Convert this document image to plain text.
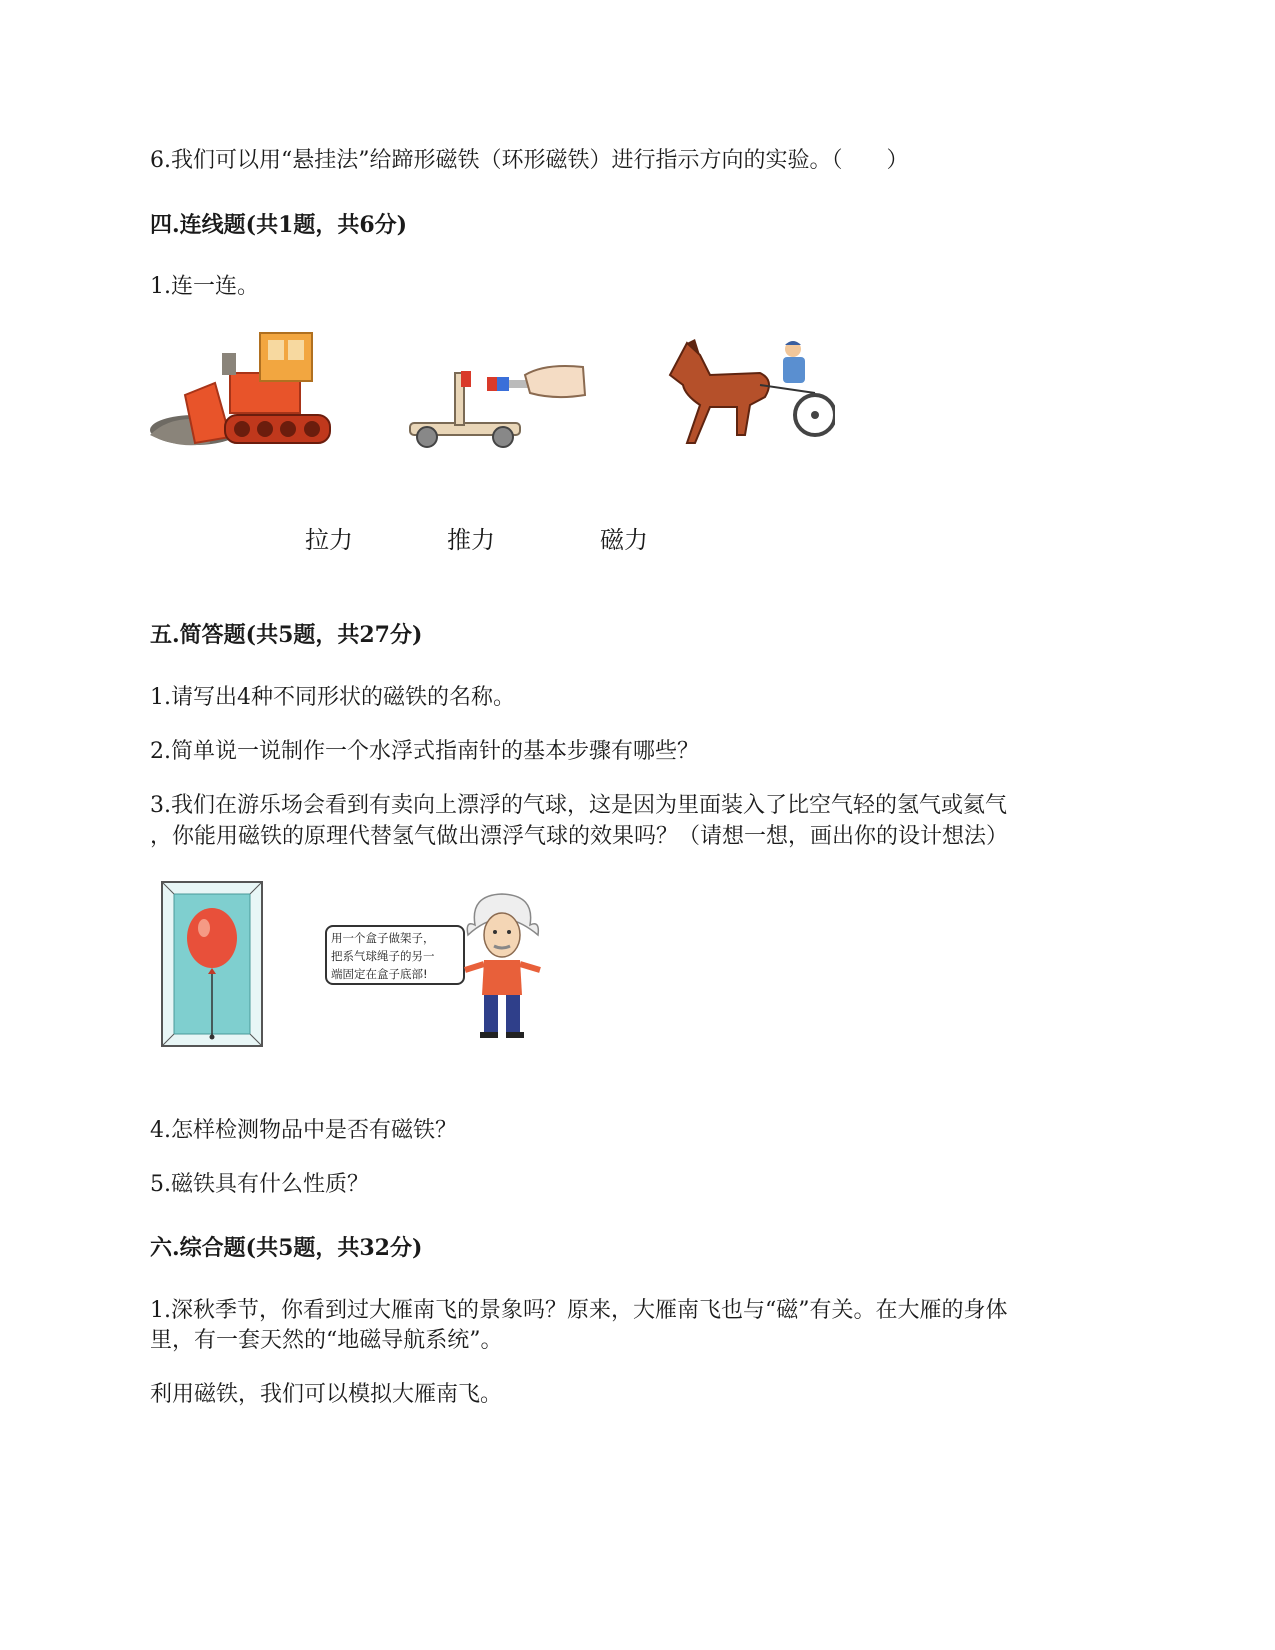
6.我们可以用“悬挂法”给蹄形磁铁（环形磁铁）进行指示方向的实验。（　　）
四.连线题(共1题，共6分)
1.连一连。
拉力	推力	磁力
五.简答题(共5题，共27分)
1.请写出4种不同形状的磁铁的名称。
2.简单说一说制作一个水浮式指南针的基本步骤有哪些？
3.我们在游乐场会看到有卖向上漂浮的气球，这是因为里面装入了比空气轻的氢气或氦气
，你能用磁铁的原理代替氢气做出漂浮气球的效果吗？（请想一想，画出你的设计想法）
用一个盒子做架子，
把系气球绳子的另一
端固定在盒子底部!
4.怎样检测物品中是否有磁铁？
5.磁铁具有什么性质？
六.综合题(共5题，共32分)
1.深秋季节，你看到过大雁南飞的景象吗？原来，大雁南飞也与“磁”有关。在大雁的身体
里，有一套天然的“地磁导航系统”。
利用磁铁，我们可以模拟大雁南飞。
